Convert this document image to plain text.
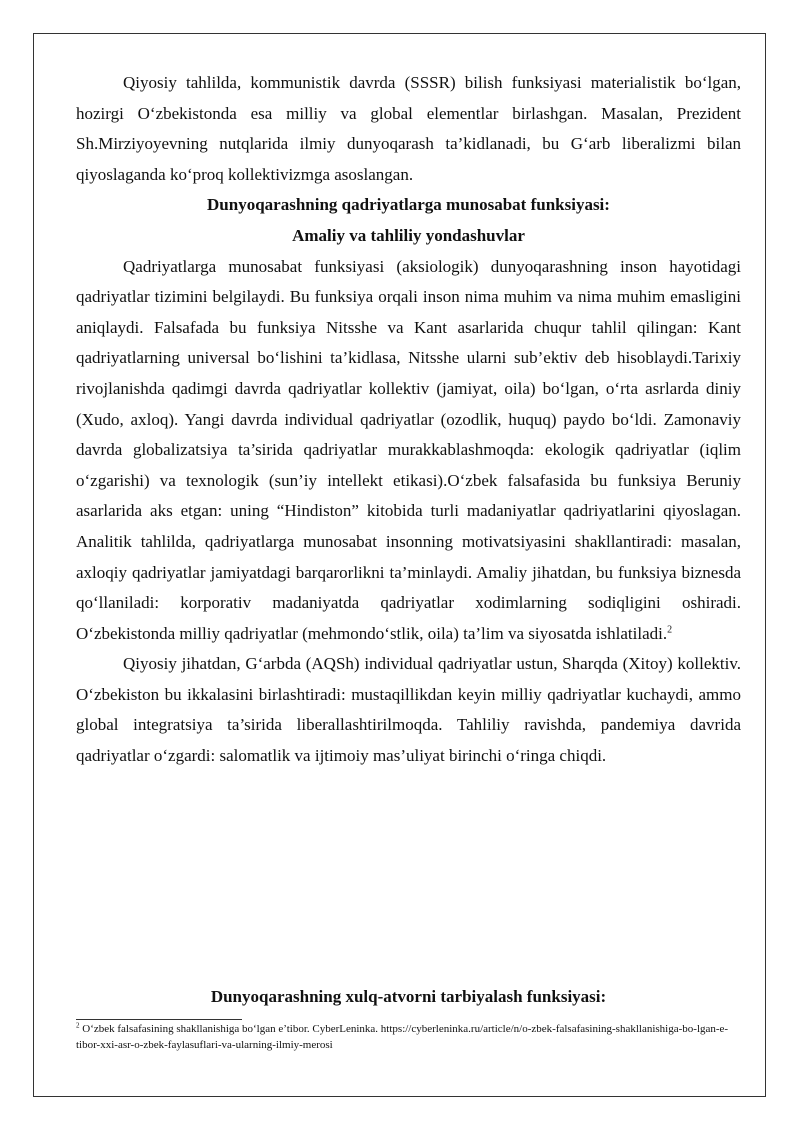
Qiyosiy tahlilda, kommunistik davrda (SSSR) bilish funksiyasi materialistik bo‘lgan, hozirgi O‘zbekistonda esa milliy va global elementlar birlashgan. Masalan, Prezident Sh.Mirziyoyevning nutqlarida ilmiy dunyoqarash ta’kidlanadi, bu G‘arb liberalizmi bilan qiyoslaganda ko‘proq kollektivizmga asoslangan.

Dunyoqarashning qadriyatlarga munosabat funksiyasi:

Amaliy va tahliliy yondashuvlar

Qadriyatlarga munosabat funksiyasi (aksiologik) dunyoqarashning inson hayotidagi qadriyatlar tizimini belgilaydi. Bu funksiya orqali inson nima muhim va nima muhim emasligini aniqlaydi. Falsafada bu funksiya Nitsshe va Kant asarlarida chuqur tahlil qilingan: Kant qadriyatlarning universal bo‘lishini ta’kidlasa, Nitsshe ularni sub’ektiv deb hisoblaydi.Tarixiy rivojlanishda qadimgi davrda qadriyatlar kollektiv (jamiyat, oila) bo‘lgan, o‘rta asrlarda diniy (Xudo, axloq). Yangi davrda individual qadriyatlar (ozodlik, huquq) paydo bo‘ldi. Zamonaviy davrda globalizatsiya ta’sirida qadriyatlar murakkablashmoqda: ekologik qadriyatlar (iqlim o‘zgarishi) va texnologik (sun’iy intellekt etikasi).O‘zbek falsafasida bu funksiya Beruniy asarlarida aks etgan: uning “Hindiston” kitobida turli madaniyatlar qadriyatlarini qiyoslagan. Analitik tahlilda, qadriyatlarga munosabat insonning motivatsiyasini shakllantiradi: masalan, axloqiy qadriyatlar jamiyatdagi barqarorlikni ta’minlaydi. Amaliy jihatdan, bu funksiya biznesda qo‘llaniladi: korporativ madaniyatda qadriyatlar xodimlarning sodiqligini oshiradi. O‘zbekistonda milliy qadriyatlar (mehmondo‘stlik, oila) ta’lim va siyosatda ishlatiladi.$^2$

Qiyosiy jihatdan, G‘arbda (AQSh) individual qadriyatlar ustun, Sharqda (Xitoy) kollektiv. O‘zbekiston bu ikkalasini birlashtiradi: mustaqillikdan keyin milliy qadriyatlar kuchaydi, ammo global integratsiya ta’sirida liberallashtirilmoqda. Tahliliy ravishda, pandemiya davrida qadriyatlar o‘zgardi: salomatlik va ijtimoiy mas’uliyat birinchi o‘ringa chiqdi.

Dunyoqarashning xulq-atvorni tarbiyalash funksiyasi:

$^2$ O‘zbek falsafasining shakllanishiga bo‘lgan e’tibor. CyberLeninka. https://cyberleninka.ru/article/n/o-zbek-falsafasining-shakllanishiga-bo-lgan-e-tibor-xxi-asr-o-zbek-faylasuflari-va-ularning-ilmiy-merosi
